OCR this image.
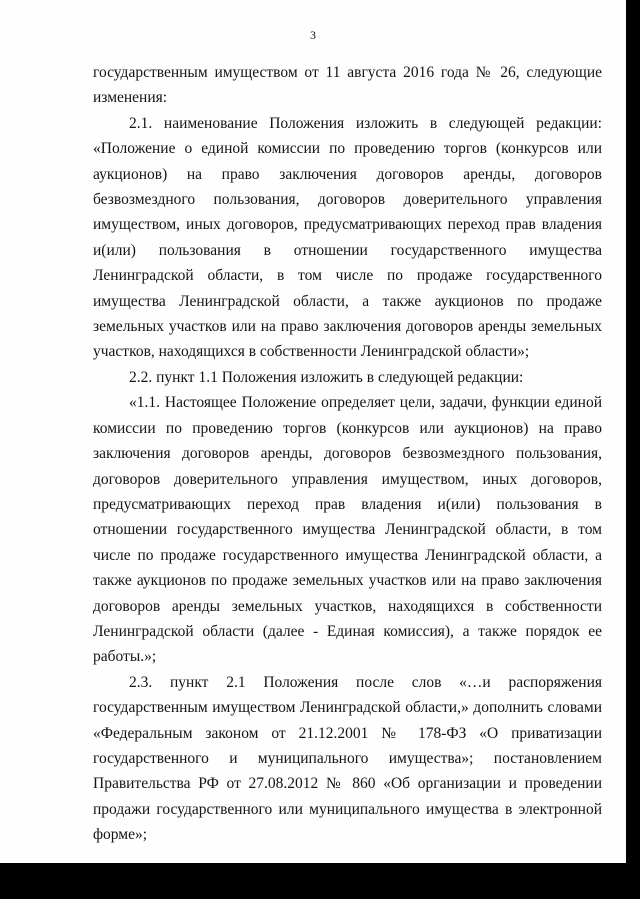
3

государственным имуществом от 11 августа 2016 года № 26, следующие изменения:

2.1. наименование Положения изложить в следующей редакции: «Положение о единой комиссии по проведению торгов (конкурсов или аукционов) на право заключения договоров аренды, договоров безвозмездного пользования, договоров доверительного управления имуществом, иных договоров, предусматривающих переход прав владения и(или) пользования в отношении государственного имущества Ленинградской области, в том числе по продаже государственного имущества Ленинградской области, а также аукционов по продаже земельных участков или на право заключения договоров аренды земельных участков, находящихся в собственности Ленинградской области»;

2.2. пункт 1.1 Положения изложить в следующей редакции:

«1.1. Настоящее Положение определяет цели, задачи, функции единой комиссии по проведению торгов (конкурсов или аукционов) на право заключения договоров аренды, договоров безвозмездного пользования, договоров доверительного управления имуществом, иных договоров, предусматривающих переход прав владения и(или) пользования в отношении государственного имущества Ленинградской области, в том числе по продаже государственного имущества Ленинградской области, а также аукционов по продаже земельных участков или на право заключения договоров аренды земельных участков, находящихся в собственности Ленинградской области (далее - Единая комиссия), а также порядок ее работы.»;

2.3. пункт 2.1 Положения после слов «…и распоряжения государственным имуществом Ленинградской области,» дополнить словами «Федеральным законом от 21.12.2001 № 178-ФЗ «О приватизации государственного и муниципального имущества»; постановлением Правительства РФ от 27.08.2012 № 860 «Об организации и проведении продажи государственного или муниципального имущества в электронной форме»;
